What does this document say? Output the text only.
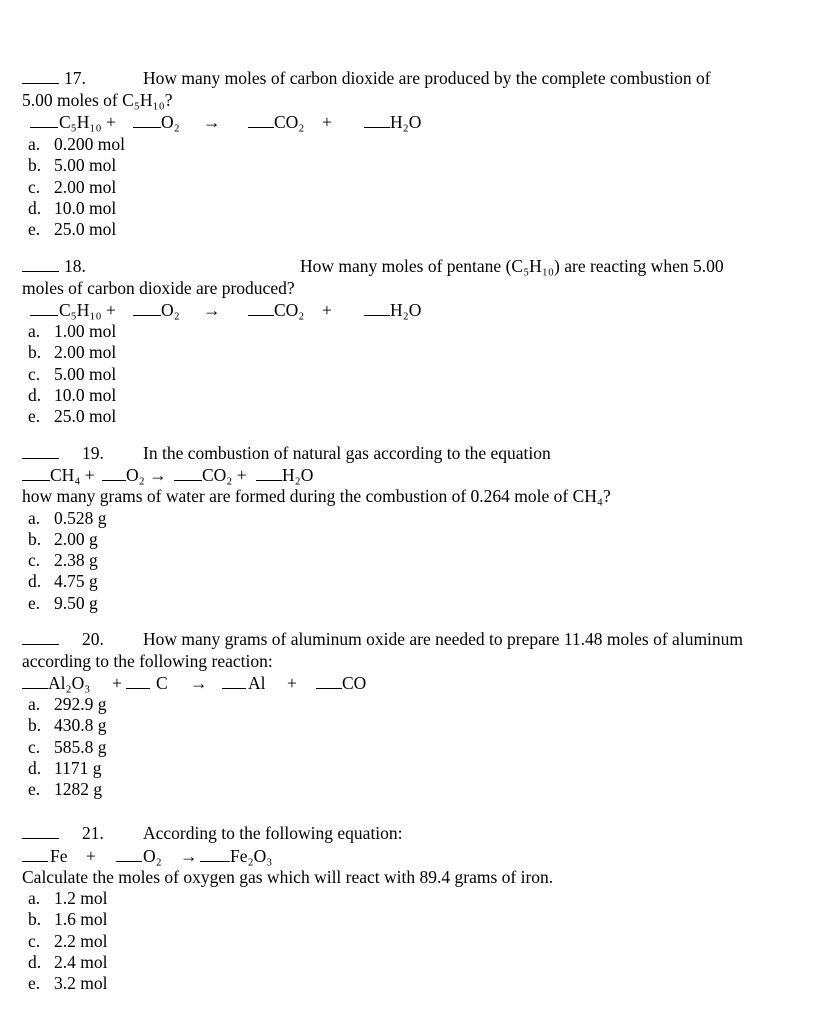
17.	How many moles of carbon dioxide are produced by the complete combustion of
5.00 moles of C₅H₁₀?
C₅H₁₀ +	O₂ →	CO₂ +	H₂O
a. 0.200 mol
b. 5.00 mol
c. 2.00 mol
d. 10.0 mol
e. 25.0 mol
18.	How many moles of pentane (C₅H₁₀) are reacting when 5.00
moles of carbon dioxide are produced?
C₅H₁₀ +	O₂ →	CO₂ +	H₂O
a. 1.00 mol
b. 2.00 mol
c. 5.00 mol
d. 10.0 mol
e. 25.0 mol
19. In the combustion of natural gas according to the equation
CH₄ + O₂ → CO₂ + H₂O
how many grams of water are formed during the combustion of 0.264 mole of CH₄?
a. 0.528 g
b. 2.00 g
c. 2.38 g
d. 4.75 g
e. 9.50 g
20. How many grams of aluminum oxide are needed to prepare 11.48 moles of aluminum
according to the following reaction:
Al₂O₃ + C → Al +	CO
a. 292.9 g
b. 430.8 g
c. 585.8 g
d. 1171 g
e. 1282 g
21. According to the following equation:
Fe +	O₂ → Fe₂O₃
Calculate the moles of oxygen gas which will react with 89.4 grams of iron.
a. 1.2 mol
b. 1.6 mol
c. 2.2 mol
d. 2.4 mol
e. 3.2 mol
